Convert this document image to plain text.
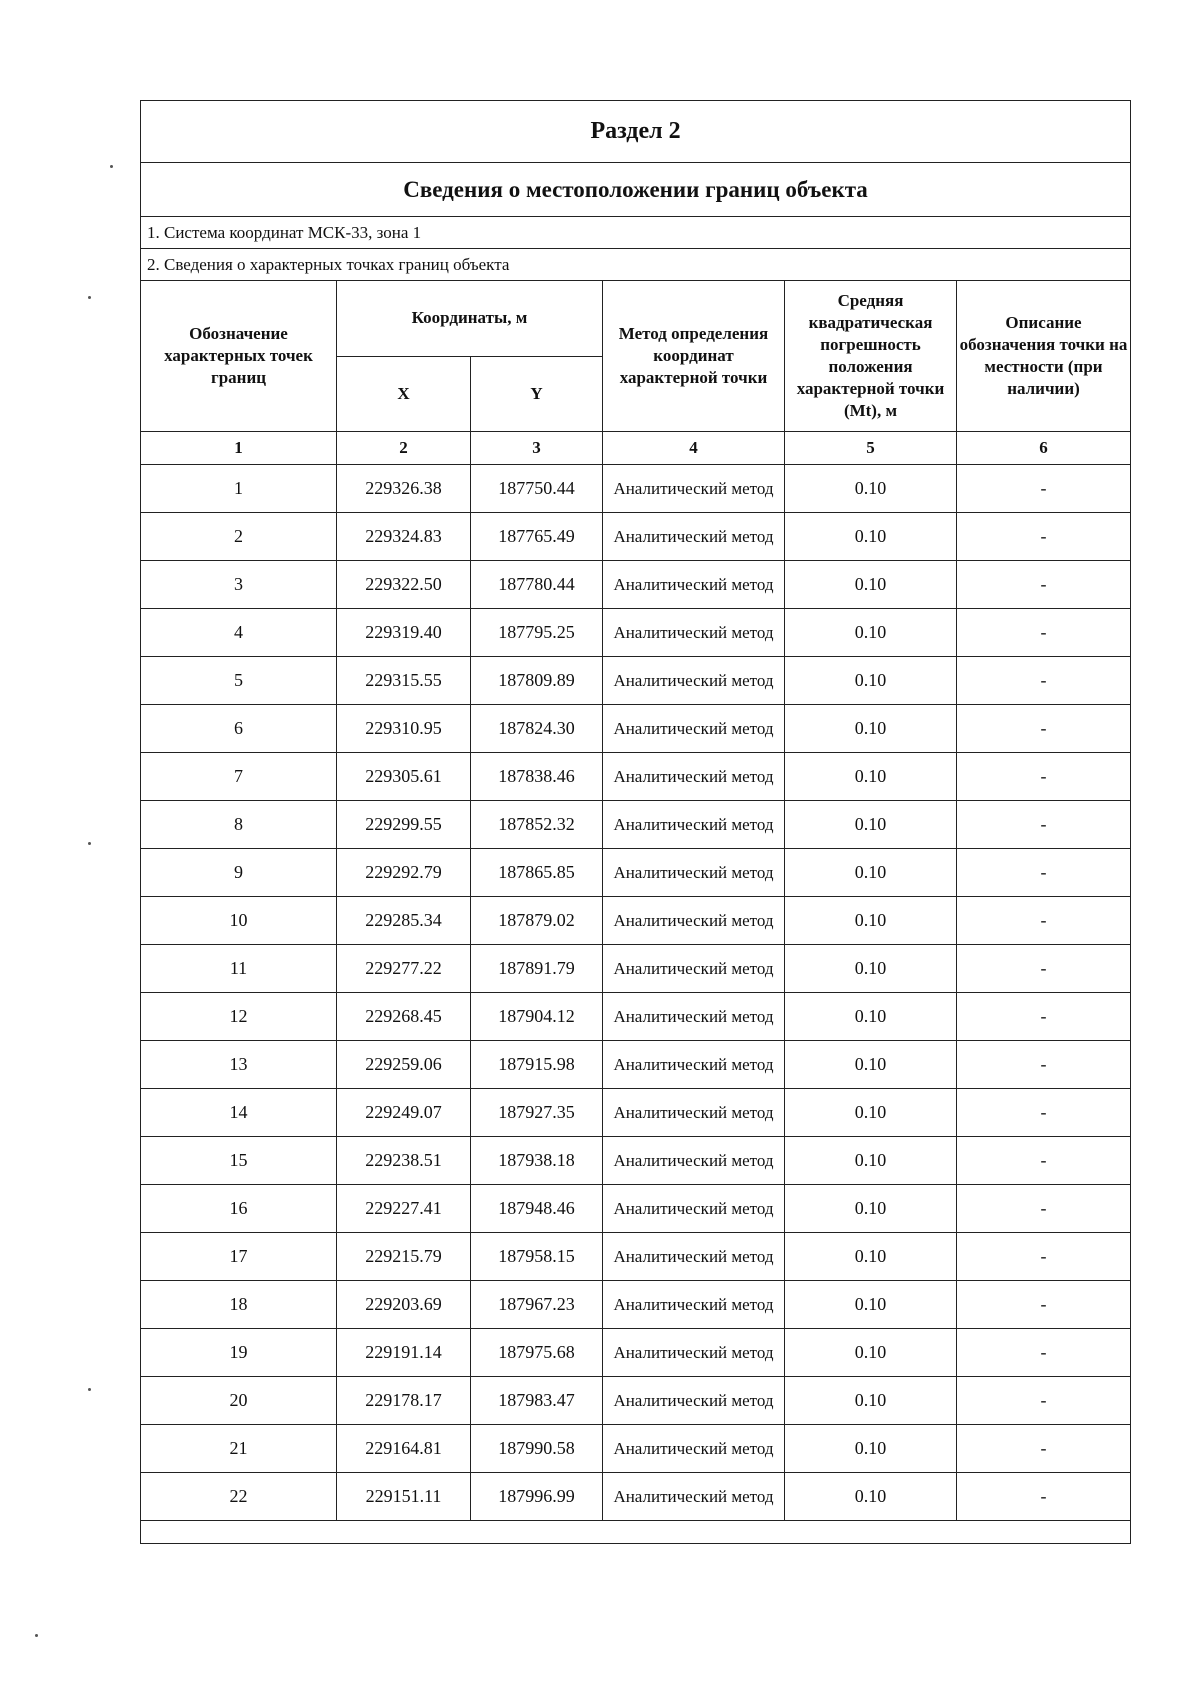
Раздел 2					
Сведения о местоположении границ объекта					
1. Система координат МСК-33, зона 1					
2. Сведения о характерных точках границ объекта					
Обозначение характерных точек границ	Координаты, м		Метод определения координат характерной точки	Средняя квадратическая погрешность положения характерной точки (Mt), м	Описание обозначения точки на местности (при наличии)
	X	Y			
1	2	3	4	5	6
1	229326.38	187750.44	Аналитический метод	0.10	-
2	229324.83	187765.49	Аналитический метод	0.10	-
3	229322.50	187780.44	Аналитический метод	0.10	-
4	229319.40	187795.25	Аналитический метод	0.10	-
5	229315.55	187809.89	Аналитический метод	0.10	-
6	229310.95	187824.30	Аналитический метод	0.10	-
7	229305.61	187838.46	Аналитический метод	0.10	-
8	229299.55	187852.32	Аналитический метод	0.10	-
9	229292.79	187865.85	Аналитический метод	0.10	-
10	229285.34	187879.02	Аналитический метод	0.10	-
11	229277.22	187891.79	Аналитический метод	0.10	-
12	229268.45	187904.12	Аналитический метод	0.10	-
13	229259.06	187915.98	Аналитический метод	0.10	-
14	229249.07	187927.35	Аналитический метод	0.10	-
15	229238.51	187938.18	Аналитический метод	0.10	-
16	229227.41	187948.46	Аналитический метод	0.10	-
17	229215.79	187958.15	Аналитический метод	0.10	-
18	229203.69	187967.23	Аналитический метод	0.10	-
19	229191.14	187975.68	Аналитический метод	0.10	-
20	229178.17	187983.47	Аналитический метод	0.10	-
21	229164.81	187990.58	Аналитический метод	0.10	-
22	229151.11	187996.99	Аналитический метод	0.10	-
